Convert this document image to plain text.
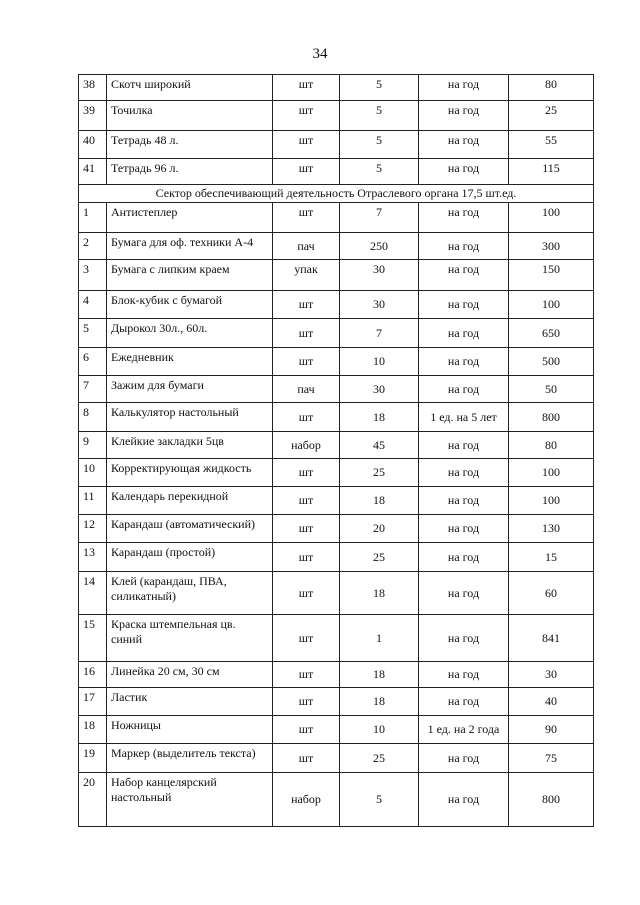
34
38	Скотч широкий	шт	5	на год	80
39	Точилка	шт	5	на год	25
40	Тетрадь 48 л.	шт	5	на год	55
41	Тетрадь 96 л.	шт	5	на год	115
Сектор обеспечивающий деятельность Отраслевого органа 17,5 шт.ед.					
1	Антистеплер	шт	7	на год	100
2	Бумага для оф. техники А-4	пач	250	на год	300
3	Бумага с липким краем	упак	30	на год	150
4	Блок-кубик с бумагой	шт	30	на год	100
5	Дырокол 30л., 60л.	шт	7	на год	650
6	Ежедневник	шт	10	на год	500
7	Зажим для бумаги	пач	30	на год	50
8	Калькулятор настольный	шт	18	1 ед. на 5 лет	800
9	Клейкие закладки 5цв	набор	45	на год	80
10	Корректирующая жидкость	шт	25	на год	100
11	Календарь перекидной	шт	18	на год	100
12	Карандаш (автоматический)	шт	20	на год	130
13	Карандаш (простой)	шт	25	на год	15
14	Клей (карандаш, ПВА, силикатный)	шт	18	на год	60
15	Краска штемпельная цв. синий	шт	1	на год	841
16	Линейка 20 см, 30 см	шт	18	на год	30
17	Ластик	шт	18	на год	40
18	Ножницы	шт	10	1 ед. на 2 года	90
19	Маркер (выделитель текста)	шт	25	на год	75
20	Набор канцелярский настольный	набор	5	на год	800
